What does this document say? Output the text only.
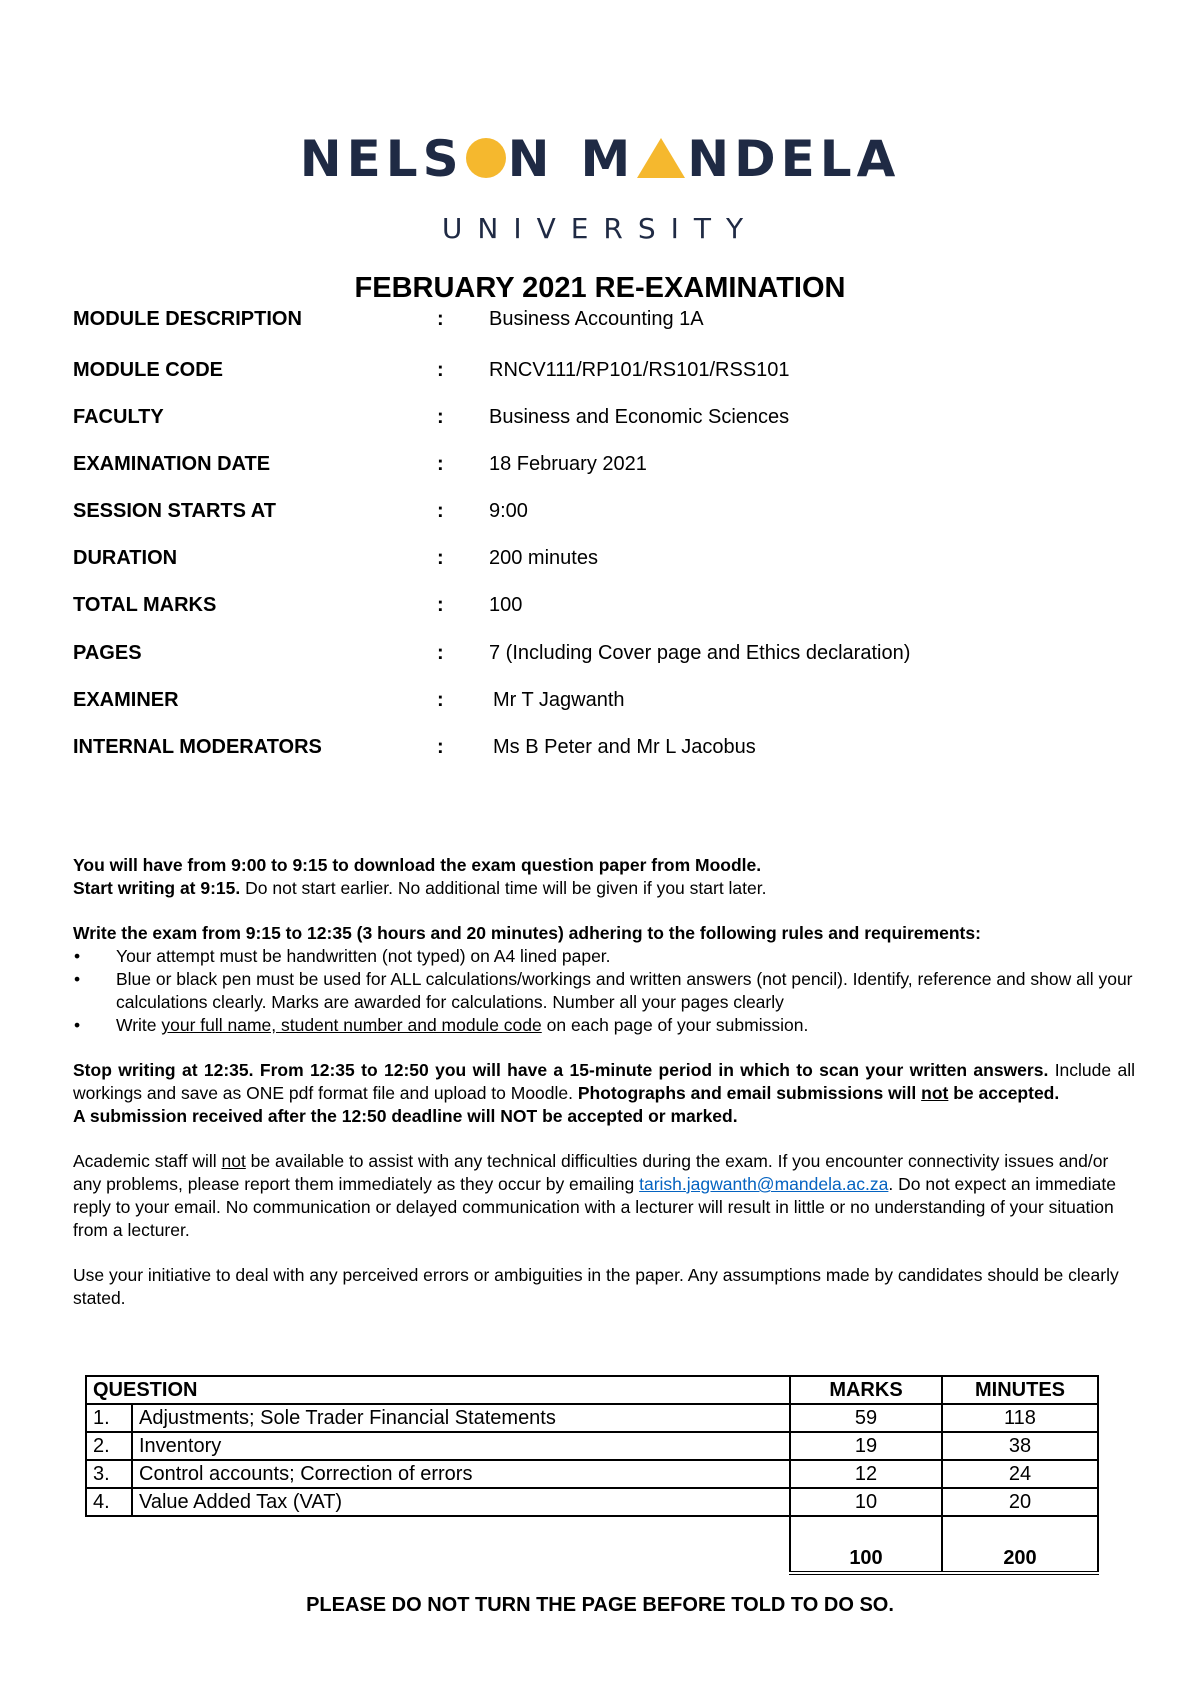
NELS N M NDELA
UNIVERSITY
FEBRUARY 2021 RE-EXAMINATION
MODULE DESCRIPTION	: Business Accounting 1A
MODULE CODE	: RNCV111/RP101/RS101/RSS101
FACULTY	: Business and Economic Sciences
EXAMINATION DATE	: 18 February 2021
SESSION STARTS AT	: 9:00
DURATION	: 200 minutes
TOTAL MARKS	: 100
PAGES	: 7 (Including Cover page and Ethics declaration)
EXAMINER	: Mr T Jagwanth
INTERNAL MODERATORS	: Ms B Peter and Mr L Jacobus

You will have from 9:00 to 9:15 to download the exam question paper from Moodle.

Start writing at 9:15. Do not start earlier. No additional time will be given if you start later.

Write the exam from 9:15 to 12:35 (3 hours and 20 minutes) adhering to the following rules and requirements:

• Your attempt must be handwritten (not typed) on A4 lined paper.
• Blue or black pen must be used for ALL calculations/workings and written answers (not pencil). Identify, reference and show all your calculations clearly. Marks are awarded for calculations. Number all your pages clearly
• Write your full name, student number and module code on each page of your submission.

Stop writing at 12:35. From 12:35 to 12:50 you will have a 15-minute period in which to scan your written answers. Include all workings and save as ONE pdf format file and upload to Moodle. Photographs and email submissions will not be accepted.

A submission received after the 12:50 deadline will NOT be accepted or marked.

Academic staff will not be available to assist with any technical difficulties during the exam. If you encounter connectivity issues and/or any problems, please report them immediately as they occur by emailing tarish.jagwanth@mandela.ac.za. Do not expect an immediate reply to your email. No communication or delayed communication with a lecturer will result in little or no understanding of your situation from a lecturer.

Use your initiative to deal with any perceived errors or ambiguities in the paper. Any assumptions made by candidates should be clearly stated.

QUESTION		MARKS	MINUTES
1.	Adjustments; Sole Trader Financial Statements	59	118
2.	Inventory	19	38
3.	Control accounts; Correction of errors	12	24
4.	Value Added Tax (VAT)	10	20
		100	200
PLEASE DO NOT TURN THE PAGE BEFORE TOLD TO DO SO.
